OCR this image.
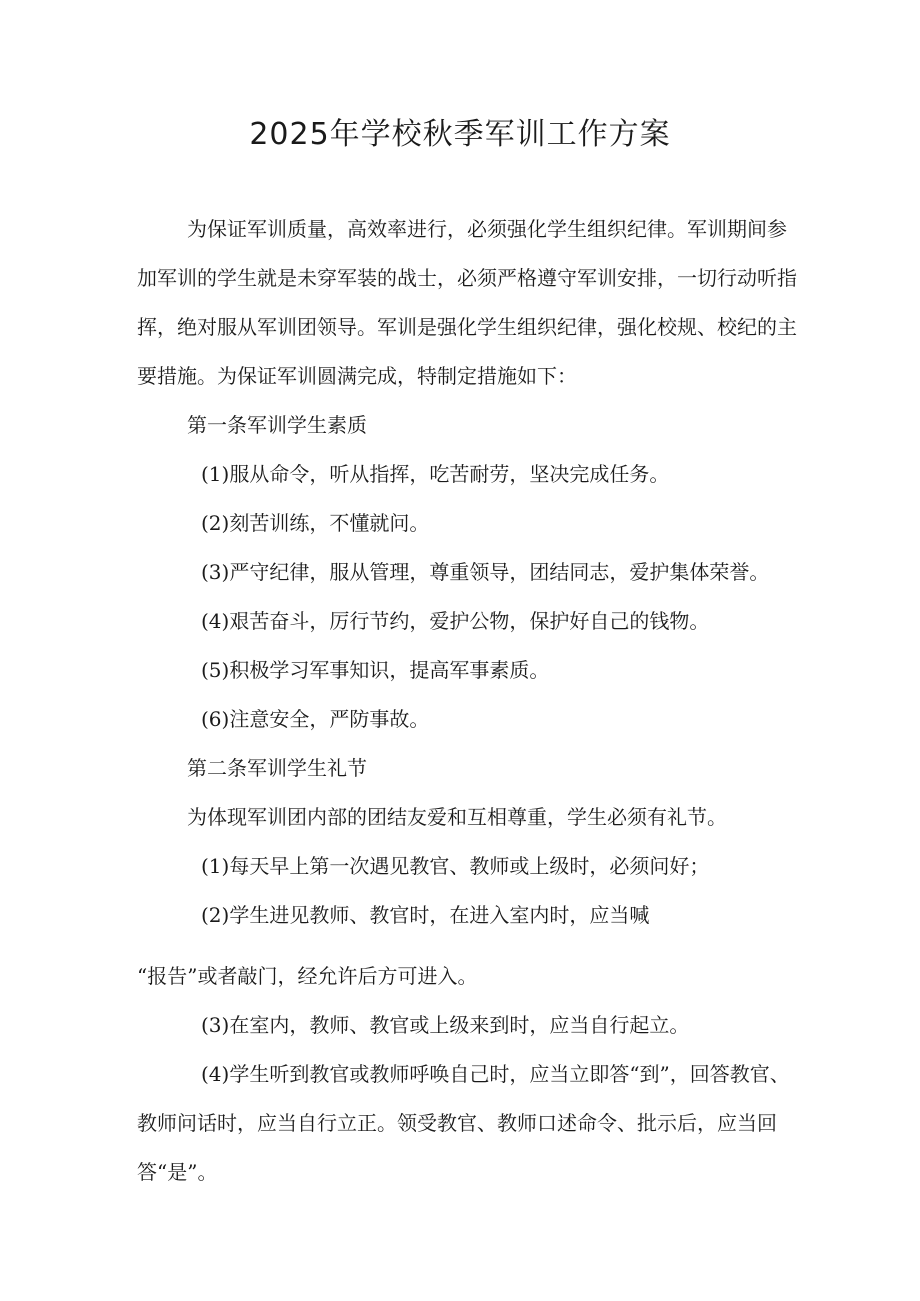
2025年学校秋季军训工作方案

为保证军训质量，高效率进行，必须强化学生组织纪律。军训期间参加军训的学生就是未穿军装的战士，必须严格遵守军训安排，一切行动听指挥，绝对服从军训团领导。军训是强化学生组织纪律，强化校规、校纪的主要措施。为保证军训圆满完成，特制定措施如下：

第一条军训学生素质

(1)服从命令，听从指挥，吃苦耐劳，坚决完成任务。

(2)刻苦训练，不懂就问。

(3)严守纪律，服从管理，尊重领导，团结同志，爱护集体荣誉。

(4)艰苦奋斗，厉行节约，爱护公物，保护好自己的钱物。

(5)积极学习军事知识，提高军事素质。

(6)注意安全，严防事故。

第二条军训学生礼节

为体现军训团内部的团结友爱和互相尊重，学生必须有礼节。

(1)每天早上第一次遇见教官、教师或上级时，必须问好；

(2)学生进见教师、教官时，在进入室内时，应当喊

“报告”或者敲门，经允许后方可进入。

(3)在室内，教师、教官或上级来到时，应当自行起立。

(4)学生听到教官或教师呼唤自己时，应当立即答“到”，回答教官、教师问话时，应当自行立正。领受教官、教师口述命令、批示后，应当回答“是”。
